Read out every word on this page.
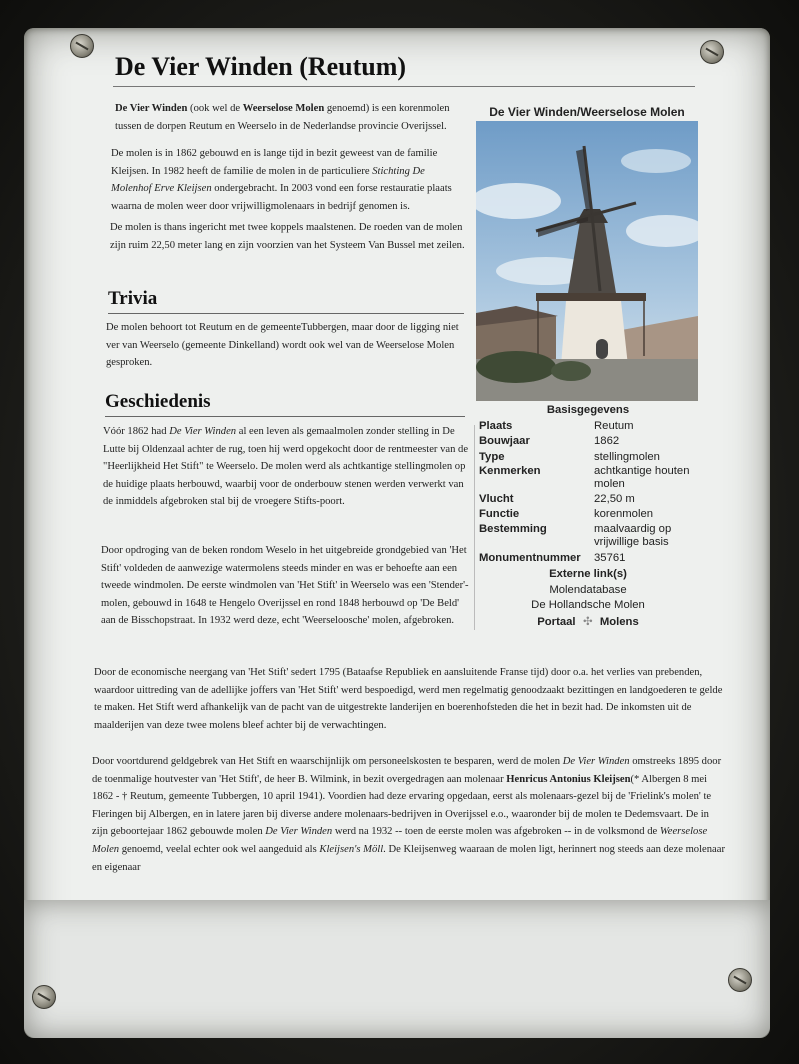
De Vier Winden (Reutum)
De Vier Winden (ook wel de Weerselose Molen genoemd) is een korenmolen tussen de dorpen Reutum en Weerselo in de Nederlandse provincie Overijssel.
De molen is in 1862 gebouwd en is lange tijd in bezit geweest van de familie Kleijsen. In 1982 heeft de familie de molen in de particuliere Stichting De Molenhof Erve Kleijsen ondergebracht. In 2003 vond een forse restauratie plaats waarna de molen weer door vrijwilligmolenaars in bedrijf genomen is.
De molen is thans ingericht met twee koppels maalstenen. De roeden van de molen zijn ruim 22,50 meter lang en zijn voorzien van het Systeem Van Bussel met zeilen.
Trivia
De molen behoort tot Reutum en de gemeenteTubbergen, maar door de ligging niet ver van Weerselo (gemeente Dinkelland) wordt ook wel van de Weerselose Molen gesproken.
Geschiedenis
Vóór 1862 had De Vier Winden al een leven als gemaalmolen zonder stelling in De Lutte bij Oldenzaal achter de rug, toen hij werd opgekocht door de rentmeester van de "Heerlijkheid Het Stift" te Weerselo. De molen werd als achtkantige stellingmolen op de huidige plaats herbouwd, waarbij voor de onderbouw stenen werden verwerkt van de inmiddels afgebroken stal bij de vroegere Stifts-poort.
Door opdroging van de beken rondom Weselo in het uitgebreide grondgebied van 'Het Stift' voldeden de aanwezige watermolens steeds minder en was er behoefte aan een tweede windmolen. De eerste windmolen van 'Het Stift' in Weerselo was een 'Stender'-molen, gebouwd in 1648 te Hengelo Overijssel en rond 1848 herbouwd op 'De Beld' aan de Bisschopstraat. In 1932 werd deze, echt 'Weerseloosche' molen, afgebroken.
Door de economische neergang van 'Het Stift' sedert 1795 (Bataafse Republiek en aansluitende Franse tijd) door o.a. het verlies van prebenden, waardoor uittreding van de adellijke joffers van 'Het Stift' werd bespoedigd, werd men regelmatig genoodzaakt bezittingen en landgoederen te gelde te maken. Het Stift werd afhankelijk van de pacht van de uitgestrekte landerijen en boerenhofsteden die het in bezit had. De inkomsten uit de maalderijen van deze twee molens bleef achter bij de verwachtingen.
Door voortdurend geldgebrek van Het Stift en waarschijnlijk om personeelskosten te besparen, werd de molen De Vier Winden omstreeks 1895 door de toenmalige houtvester van 'Het Stift', de heer B. Wilmink, in bezit overgedragen aan molenaar Henricus Antonius Kleijsen(* Albergen 8 mei 1862 - † Reutum, gemeente Tubbergen, 10 april 1941). Voordien had deze ervaring opgedaan, eerst als molenaars-gezel bij de 'Frielink's molen' te Fleringen bij Albergen, en in latere jaren bij diverse andere molenaars-bedrijven in Overijssel e.o., waaronder bij de molen te Dedemsvaart. De in zijn geboortejaar 1862 gebouwde molen De Vier Winden werd na 1932 -- toen de eerste molen was afgebroken -- in de volksmond de Weerselose Molen genoemd, veelal echter ook wel aangeduid als Kleijsen's Möll. De Kleijsenweg waaraan de molen ligt, herinnert nog steeds aan deze molenaar en eigenaar
De Vier Winden/Weerselose Molen
Basisgegevens
Plaats	Reutum
Bouwjaar	1862
Type	stellingmolen
Kenmerken	achtkantige houten molen
Vlucht	22,50 m
Functie	korenmolen
Bestemming	maalvaardig op vrijwillige basis
Monumentnummer 35761
Externe link(s)
Molendatabase
De Hollandsche Molen
Portaal ✣ Molens
